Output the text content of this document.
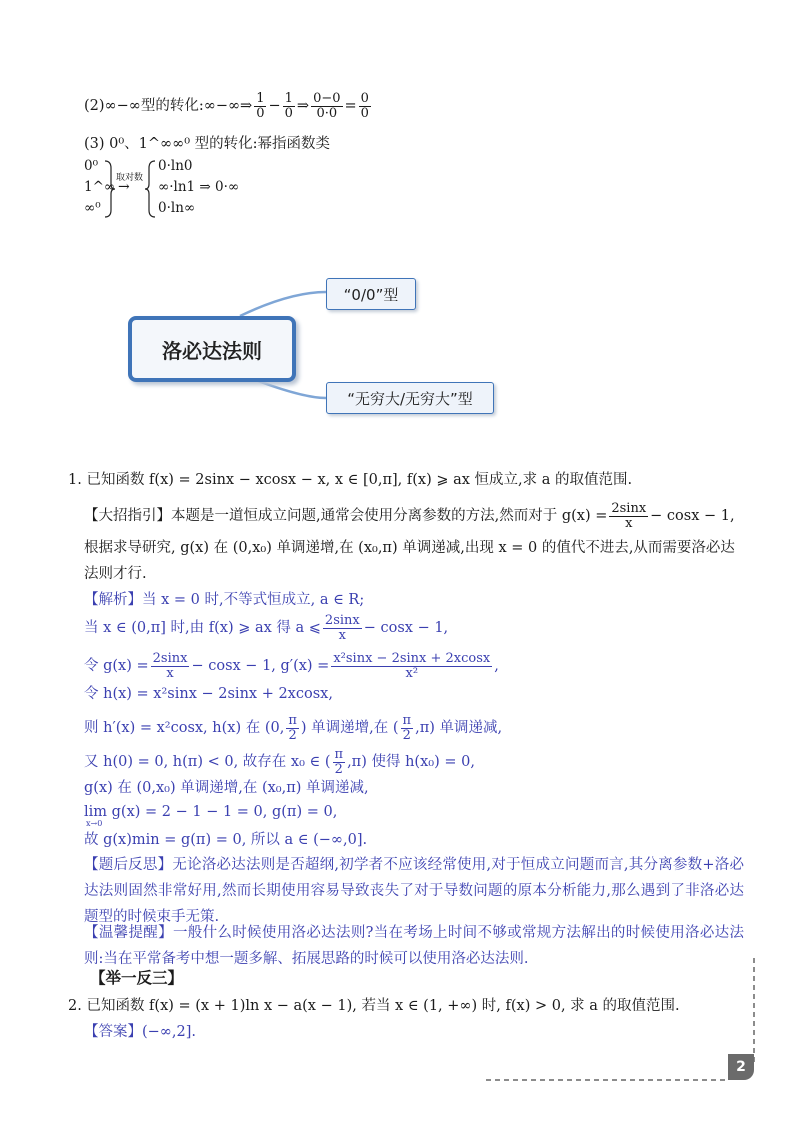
(2)∞−∞型的转化:∞−∞⇒ $\frac{1}{0} - \frac{1}{0}$ ⇒ $\frac{0-0}{0\cdot 0} = \frac{0}{0}$
(3) 0⁰、1^∞∞⁰ 型的转化:幂指函数类
0⁰
1^∞
∞⁰
取对数
→
0·ln0
∞·ln1 ⇒ 0·∞
0·ln∞
洛必达法则
“0/0”型
“无穷大/无穷大”型
1. 已知函数 f(x) = 2sinx − xcosx − x, x ∈ [0,π], f(x) ⩾ ax 恒成立,求 a 的取值范围.
【大招指引】本题是一道恒成立问题,通常会使用分离参数的方法,然而对于 $g(x) = \frac{2\sin x}{x} - \cos x - 1$,
根据求导研究, g(x) 在 (0,x₀) 单调递增,在 (x₀,π) 单调递减,出现 x = 0 的值代不进去,从而需要洛必达
法则才行.
【解析】当 x = 0 时,不等式恒成立, a ∈ R;
当 x ∈ (0,π] 时,由 f(x) ⩾ ax 得 a ⩽ $\frac{2\sin x}{x} - \cos x - 1$,
令 $g(x) = \frac{2\sin x}{x} - \cos x - 1$, $g'(x) = \frac{\text{x²sinx − 2sinx + 2xcosx}}{\text{x²}}$ ,
令 h(x) = x²sinx − 2sinx + 2xcosx,
则 h′(x) = x²cosx, h(x) 在 (0, $\frac{\pi}{2}$ ) 单调递增,在 ( $\frac{\pi}{2} ,\pi$) 单调递减,
又 h(0) = 0, h(π) < 0, 故存在 x₀ ∈ ( $\frac{\pi}{2} ,\pi$) 使得 h(x₀) = 0,
g(x) 在 (0,x₀) 单调递增,在 (x₀,π) 单调递减,
lim g(x) = 2 − 1 − 1 = 0, g(π) = 0,
x→0
故 g(x)min = g(π) = 0, 所以 a ∈ (−∞,0].
【题后反思】无论洛必达法则是否超纲,初学者不应该经常使用,对于恒成立问题而言,其分离参数+洛必达法则固然非常好用,然而长期使用容易导致丧失了对于导数问题的原本分析能力,那么遇到了非洛必达题型的时候束手无策.
【温馨提醒】一般什么时候使用洛必达法则?当在考场上时间不够或常规方法解出的时候使用洛必达法则:当在平常备考中想一题多解、拓展思路的时候可以使用洛必达法则.
【举一反三】
2. 已知函数 f(x) = (x + 1)ln x − a(x − 1), 若当 x ∈ (1, +∞) 时, f(x) > 0, 求 a 的取值范围.
【答案】(−∞,2].
2
